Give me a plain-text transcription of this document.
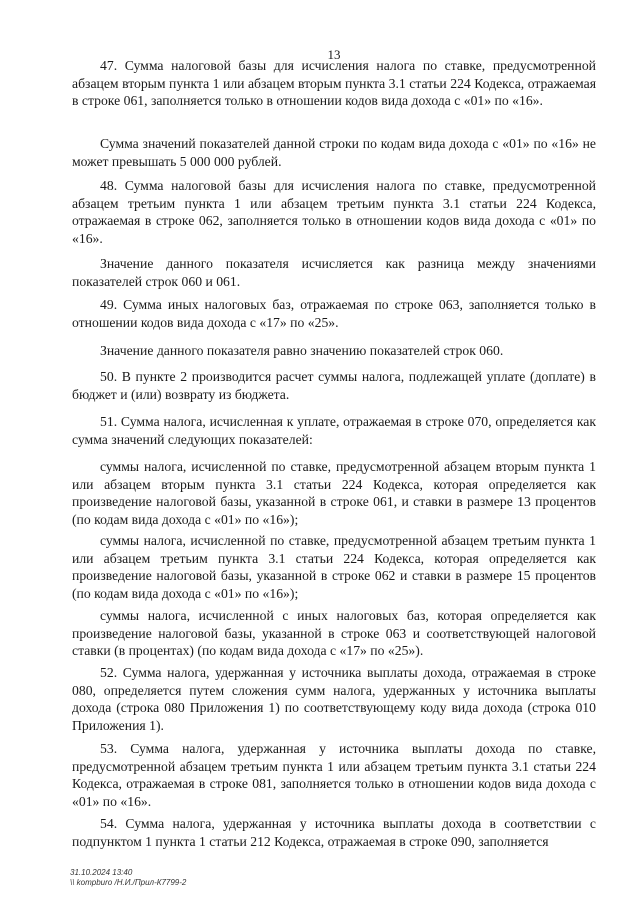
13

47. Сумма налоговой базы для исчисления налога по ставке, предусмотренной абзацем вторым пункта 1 или абзацем вторым пункта 3.1 статьи 224 Кодекса, отражаемая в строке 061, заполняется только в отношении кодов вида дохода с «01» по «16».

Сумма значений показателей данной строки по кодам вида дохода с «01» по «16» не может превышать 5 000 000 рублей.

48. Сумма налоговой базы для исчисления налога по ставке, предусмотренной абзацем третьим пункта 1 или абзацем третьим пункта 3.1 статьи 224 Кодекса, отражаемая в строке 062, заполняется только в отношении кодов вида дохода с «01» по «16».

Значение данного показателя исчисляется как разница между значениями показателей строк 060 и 061.

49. Сумма иных налоговых баз, отражаемая по строке 063, заполняется только в отношении кодов вида дохода с «17» по «25».

Значение данного показателя равно значению показателей строк 060.

50. В пункте 2 производится расчет суммы налога, подлежащей уплате (доплате) в бюджет и (или) возврату из бюджета.

51. Сумма налога, исчисленная к уплате, отражаемая в строке 070, определяется как сумма значений следующих показателей:

суммы налога, исчисленной по ставке, предусмотренной абзацем вторым пункта 1 или абзацем вторым пункта 3.1 статьи 224 Кодекса, которая определяется как произведение налоговой базы, указанной в строке 061, и ставки в размере 13 процентов (по кодам вида дохода с «01» по «16»);

суммы налога, исчисленной по ставке, предусмотренной абзацем третьим пункта 1 или абзацем третьим пункта 3.1 статьи 224 Кодекса, которая определяется как произведение налоговой базы, указанной в строке 062 и ставки в размере 15 процентов (по кодам вида дохода с «01» по «16»);

суммы налога, исчисленной с иных налоговых баз, которая определяется как произведение налоговой базы, указанной в строке 063 и соответствующей налоговой ставки (в процентах) (по кодам вида дохода с «17» по «25»).

52. Сумма налога, удержанная у источника выплаты дохода, отражаемая в строке 080, определяется путем сложения сумм налога, удержанных у источника выплаты дохода (строка 080 Приложения 1) по соответствующему коду вида дохода (строка 010 Приложения 1).

53. Сумма налога, удержанная у источника выплаты дохода по ставке, предусмотренной абзацем третьим пункта 1 или абзацем третьим пункта 3.1 статьи 224 Кодекса, отражаемая в строке 081, заполняется только в отношении кодов вида дохода с «01» по «16».

54. Сумма налога, удержанная у источника выплаты дохода в соответствии с подпунктом 1 пункта 1 статьи 212 Кодекса, отражаемая в строке 090, заполняется

31.10.2024 13:40
\\ kompburo /Н.И./Прил-К7799-2
